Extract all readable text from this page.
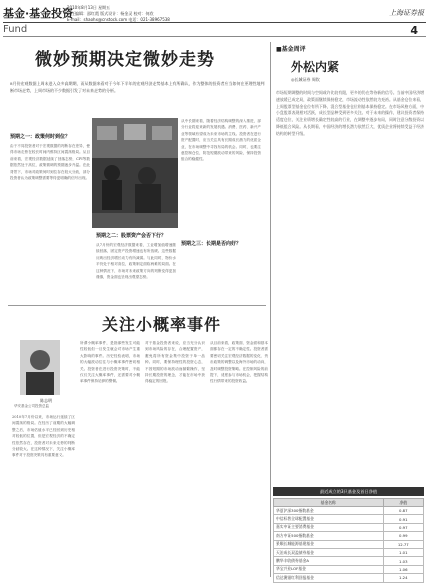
基金·基金投资
2010年8月13日 星期五
责任编辑：邵红霞 版式设计：杨金灵 校对：何欣
E-mail：shaohx@cnstock.com 电话：021-38967538
上海证券报
Fund	4
微妙预期决定微妙走势
8月份宏观数据上周末进入众多高期期，而从数据来看对于今年下半年的宏观经济走势基本上有所确认，作为整体的投资者应当如何在更理性地判断市场走势，上周市场的不少数据引发了对未来走势的分析。
预期之一：政策何时到位？
由于不同投资者对于宏观数据的判断存在差异，使得市场走势在较长时间内维持区间震荡格局。从目前来看，宏观经济数据延续了回落态势，CPI等数据依然处于高位，政策微调的预期逐步升温。在此背景下，市场对政策何时到位存在较大分歧，部分投资者认为政策调整需要等待更明确的信号出现。
预期之二：股票资产会否下行？
从7月份的宏观经济数据来看，工业增加值增速继续回落，固定资产投资增速也有所放缓。这些数据反映出经济增长动力有所减弱。与此同时，物价水平仍处于相对高位，政策制定面临两难的局面。在这种情况下，市场对未来政策方向的判断变得更加谨慎，资金面也呈现出观望态势。
从中长期来看，随着经济结构调整的深入推进，部分行业将迎来新的发展机遇。消费、医药、新兴产业等领域有望成为未来市场的主线。投资者在进行资产配置时，应当关注具有长期成长潜力的优质企业，在市场调整中寻找布局的机会。同时，也要注意控制仓位，防范短期波动带来的风险，保持投资组合的稳健性。
预期之三：长期是否向好？
关注小概率事件
陈志明
华安基金公司投资总监
2010年7月份以来，市场运行延续了区间震荡的格局。在经历了前期的大幅调整之后，市场估值水平已经回到历史相对较低的位置，但是宏观经济的不确定性依然存在，投资者对未来走势的判断分歧较大。在这种情况下，关注小概率事件对于投资决策具有重要意义。
所谓小概率事件，是指那些发生可能性较低但一旦发生就会对市场产生重大影响的事件。历史经验表明，市场的大幅波动往往与小概率事件密切相关。投资者在进行投资决策时，不能仅仅关注大概率事件，还需要对小概率事件保持足够的警惕。
对于基金投资者来说，应当充分认识到市场风险的存在，合理配置资产，避免将所有资金集中投资于单一品种。同时，要保持理性的投资心态，不因短期的市场波动而频繁操作，坚持长期投资的理念，才能在市场中获得稳定的回报。
从目前来看，政策面、资金面和基本面都存在一定的不确定性。投资者需要密切关注宏观经济数据的变化、货币政策的调整以及海外市场的动向，及时调整投资策略。在控制风险的前提下，适度参与市场机会，把握结构性行情带来的投资收益。
■基金周评
外松内紧
◎长城证券 周钦
市场短期调整的时间与空间或许比较有限，更多的仍在等待新的信号。当前中国经济增速放缓已成定局，政策面继续保持稳定，市场流动性依然较为充裕。从基金仓位来看，上周股票型基金仓位有所下降，混合型基金仓位则基本保持稳定。在市场风格方面，中小盘股票表现相对活跃，成长型品种受到更多关注。对于未来的操作，建议投资者保持适度仓位，关注业绩增长确定性较高的行业，在调整中逐步布局，同时注意分散投资以降低组合风险。从长期看，中国经济的增长潜力依然巨大，优质企业将持续受益于经济结构的转型升级。
最近成立的3只基金及首日净值
基金名称	净值
华夏沪深300指数基金	0.87
中信标普全球配置基金	0.91
嘉实中证主要消费基金	0.97
南方中证500指数基金	0.99
景顺长城能源基建基金	12.77
天治成长双盈债券基金	1.01
鹏华丰收债券基金A	1.03
华宝兴业LOF基金	1.06
信达澳银红利回报基金	1.24
